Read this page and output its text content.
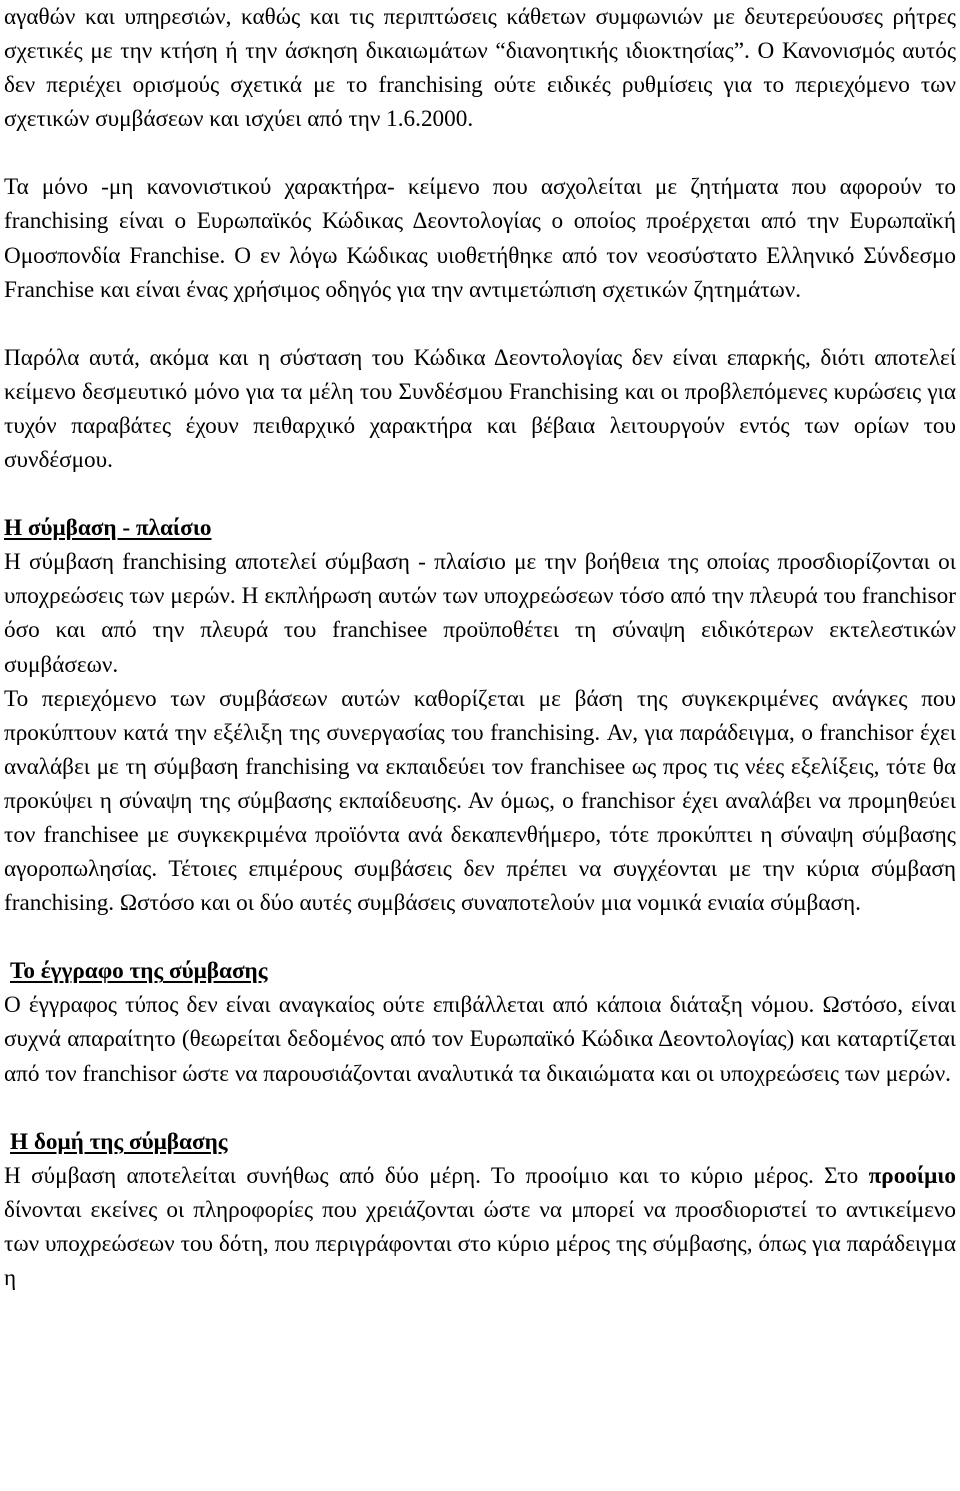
αγαθών και υπηρεσιών, καθώς και τις περιπτώσεις κάθετων συμφωνιών με δευτερεύουσες ρήτρες σχετικές με την κτήση ή την άσκηση δικαιωμάτων “διανοητικής ιδιοκτησίας”. Ο Κανονισμός αυτός δεν περιέχει ορισμούς σχετικά με το franchising ούτε ειδικές ρυθμίσεις για το περιεχόμενο των σχετικών συμβάσεων και ισχύει από την 1.6.2000.

Τα μόνο -μη κανονιστικού χαρακτήρα- κείμενο που ασχολείται με ζητήματα που αφορούν το franchising είναι ο Ευρωπαϊκός Κώδικας Δεοντολογίας ο οποίος προέρχεται από την Ευρωπαϊκή Ομοσπονδία Franchise. Ο εν λόγω Κώδικας υιοθετήθηκε από τον νεοσύστατο Ελληνικό Σύνδεσμο Franchise και είναι ένας χρήσιμος οδηγός για την αντιμετώπιση σχετικών ζητημάτων.

Παρόλα αυτά, ακόμα και η σύσταση του Κώδικα Δεοντολογίας δεν είναι επαρκής, διότι αποτελεί κείμενο δεσμευτικό μόνο για τα μέλη του Συνδέσμου Franchising και οι προβλεπόμενες κυρώσεις για τυχόν παραβάτες έχουν πειθαρχικό χαρακτήρα και βέβαια λειτουργούν εντός των ορίων του συνδέσμου.

Η σύμβαση - πλαίσιο

Η σύμβαση franchising αποτελεί σύμβαση - πλαίσιο με την βοήθεια της οποίας προσδιορίζονται οι υποχρεώσεις των μερών. Η εκπλήρωση αυτών των υποχρεώσεων τόσο από την πλευρά του franchisor όσο και από την πλευρά του franchisee προϋποθέτει τη σύναψη ειδικότερων εκτελεστικών συμβάσεων.

Το περιεχόμενο των συμβάσεων αυτών καθορίζεται με βάση της συγκεκριμένες ανάγκες που προκύπτουν κατά την εξέλιξη της συνεργασίας του franchising. Αν, για παράδειγμα, ο franchisor έχει αναλάβει με τη σύμβαση franchising να εκπαιδεύει τον franchisee ως προς τις νέες εξελίξεις, τότε θα προκύψει η σύναψη της σύμβασης εκπαίδευσης. Αν όμως, ο franchisor έχει αναλάβει να προμηθεύει τον franchisee με συγκεκριμένα προϊόντα ανά δεκαπενθήμερο, τότε προκύπτει η σύναψη σύμβασης αγοροπωλησίας. Τέτοιες επιμέρους συμβάσεις δεν πρέπει να συγχέονται με την κύρια σύμβαση franchising. Ωστόσο και οι δύο αυτές συμβάσεις συναποτελούν μια νομικά ενιαία σύμβαση.

Το έγγραφο της σύμβασης

Ο έγγραφος τύπος δεν είναι αναγκαίος ούτε επιβάλλεται από κάποια διάταξη νόμου. Ωστόσο, είναι συχνά απαραίτητο (θεωρείται δεδομένος από τον Ευρωπαϊκό Κώδικα Δεοντολογίας) και καταρτίζεται από τον franchisor ώστε να παρουσιάζονται αναλυτικά τα δικαιώματα και οι υποχρεώσεις των μερών.

Η δομή της σύμβασης

Η σύμβαση αποτελείται συνήθως από δύο μέρη. Το προοίμιο και το κύριο μέρος. Στο προοίμιο δίνονται εκείνες οι πληροφορίες που χρειάζονται ώστε να μπορεί να προσδιοριστεί το αντικείμενο των υποχρεώσεων του δότη, που περιγράφονται στο κύριο μέρος της σύμβασης, όπως για παράδειγμα η
